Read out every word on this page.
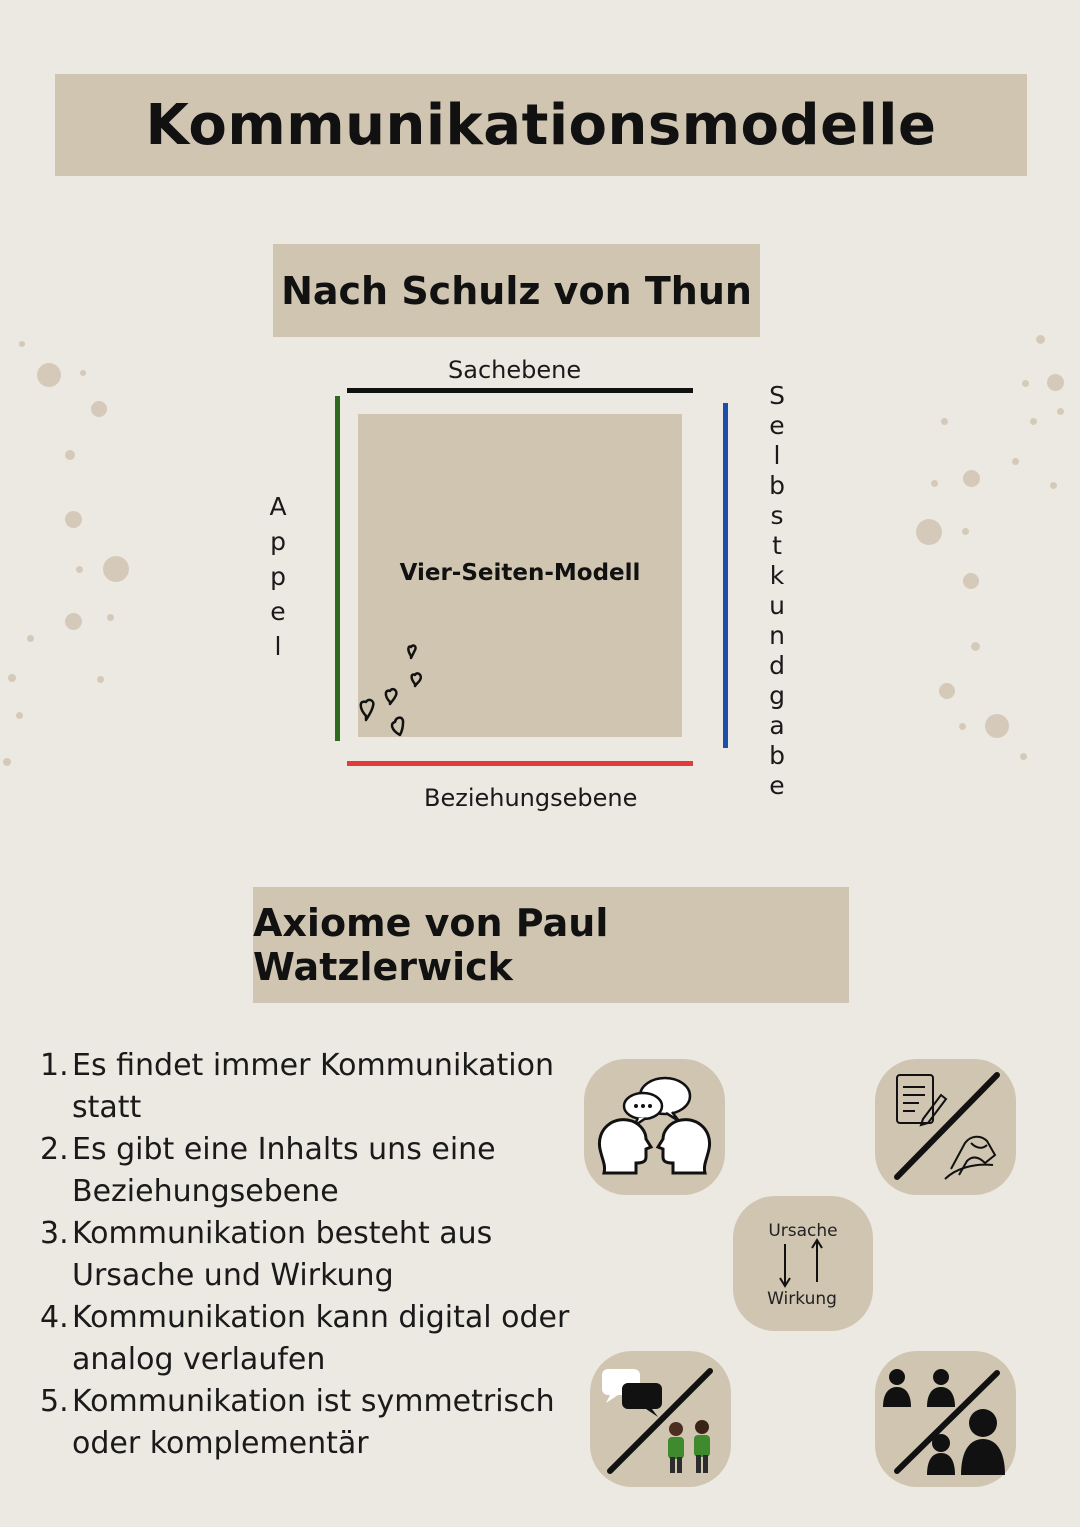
Kommunikationsmodelle
Nach Schulz von Thun
Sachebene
Beziehungsebene
A
p
p
e
l
S
e
l
b
s
t
k
u
n
d
g
a
b
e
Vier-Seiten-Modell
Axiome von Paul Watzlerwick
1. Es findet immer Kommunikation
statt
2. Es gibt eine Inhalts uns eine
Beziehungsebene
3. Kommunikation besteht aus
Ursache und Wirkung
4. Kommunikation kann digital oder
analog verlaufen
5. Kommunikation ist symmetrisch
oder komplementär
Ursache
Wirkung
